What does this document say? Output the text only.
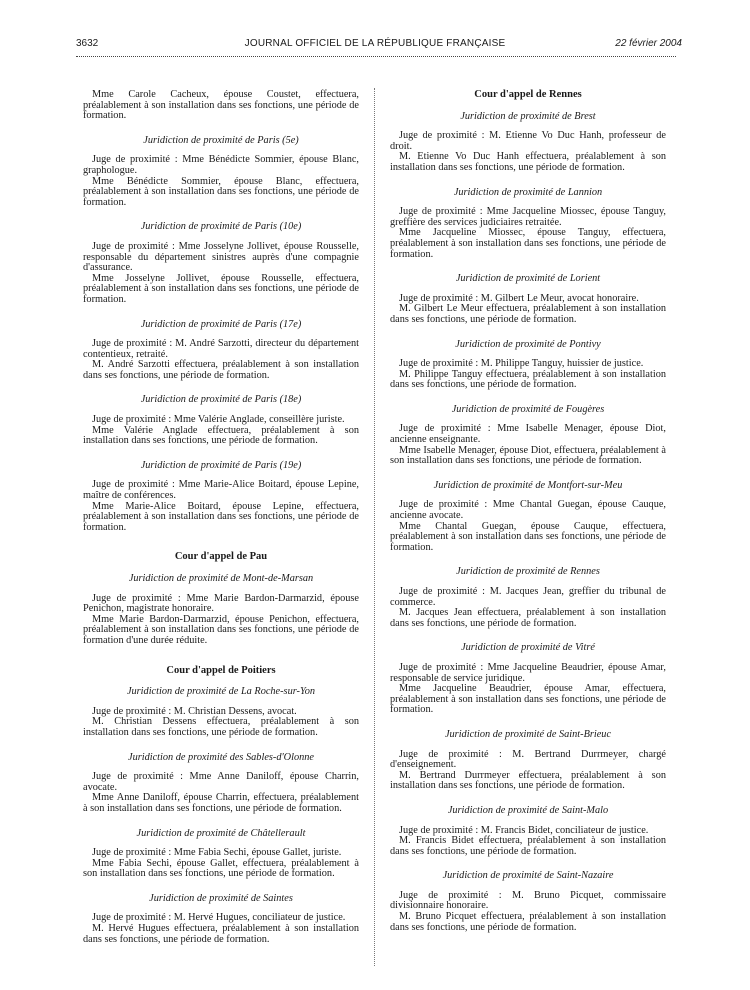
3632	JOURNAL OFFICIEL DE LA RÉPUBLIQUE FRANÇAISE	22 février 2004

Mme Carole Cacheux, épouse Coustet, effectuera, préalablement à son installation dans ses fonctions, une période de formation.

Juridiction de proximité de Paris (5e)

Juge de proximité : Mme Bénédicte Sommier, épouse Blanc, graphologue.

Mme Bénédicte Sommier, épouse Blanc, effectuera, préalablement à son installation dans ses fonctions, une période de formation.

Juridiction de proximité de Paris (10e)

Juge de proximité : Mme Josselyne Jollivet, épouse Rousselle, responsable du département sinistres auprès d'une compagnie d'assurance.

Mme Josselyne Jollivet, épouse Rousselle, effectuera, préalablement à son installation dans ses fonctions, une période de formation.

Juridiction de proximité de Paris (17e)

Juge de proximité : M. André Sarzotti, directeur du département contentieux, retraité.

M. André Sarzotti effectuera, préalablement à son installation dans ses fonctions, une période de formation.

Juridiction de proximité de Paris (18e)

Juge de proximité : Mme Valérie Anglade, conseillère juriste.

Mme Valérie Anglade effectuera, préalablement à son installation dans ses fonctions, une période de formation.

Juridiction de proximité de Paris (19e)

Juge de proximité : Mme Marie-Alice Boitard, épouse Lepine, maître de conférences.

Mme Marie-Alice Boitard, épouse Lepine, effectuera, préalablement à son installation dans ses fonctions, une période de formation.

Cour d'appel de Pau
Juridiction de proximité de Mont-de-Marsan

Juge de proximité : Mme Marie Bardon-Darmarzid, épouse Penichon, magistrate honoraire.

Mme Marie Bardon-Darmarzid, épouse Penichon, effectuera, préalablement à son installation dans ses fonctions, une période de formation d'une durée réduite.

Cour d'appel de Poitiers
Juridiction de proximité de La Roche-sur-Yon

Juge de proximité : M. Christian Dessens, avocat.

M. Christian Dessens effectuera, préalablement à son installation dans ses fonctions, une période de formation.

Juridiction de proximité des Sables-d'Olonne

Juge de proximité : Mme Anne Daniloff, épouse Charrin, avocate.

Mme Anne Daniloff, épouse Charrin, effectuera, préalablement à son installation dans ses fonctions, une période de formation.

Juridiction de proximité de Châtellerault

Juge de proximité : Mme Fabia Sechi, épouse Gallet, juriste.

Mme Fabia Sechi, épouse Gallet, effectuera, préalablement à son installation dans ses fonctions, une période de formation.

Juridiction de proximité de Saintes

Juge de proximité : M. Hervé Hugues, conciliateur de justice.

M. Hervé Hugues effectuera, préalablement à son installation dans ses fonctions, une période de formation.

Cour d'appel de Rennes
Juridiction de proximité de Brest

Juge de proximité : M. Etienne Vo Duc Hanh, professeur de droit.

M. Etienne Vo Duc Hanh effectuera, préalablement à son installation dans ses fonctions, une période de formation.

Juridiction de proximité de Lannion

Juge de proximité : Mme Jacqueline Miossec, épouse Tanguy, greffière des services judiciaires retraitée.

Mme Jacqueline Miossec, épouse Tanguy, effectuera, préalablement à son installation dans ses fonctions, une période de formation.

Juridiction de proximité de Lorient

Juge de proximité : M. Gilbert Le Meur, avocat honoraire.

M. Gilbert Le Meur effectuera, préalablement à son installation dans ses fonctions, une période de formation.

Juridiction de proximité de Pontivy

Juge de proximité : M. Philippe Tanguy, huissier de justice.

M. Philippe Tanguy effectuera, préalablement à son installation dans ses fonctions, une période de formation.

Juridiction de proximité de Fougères

Juge de proximité : Mme Isabelle Menager, épouse Diot, ancienne enseignante.

Mme Isabelle Menager, épouse Diot, effectuera, préalablement à son installation dans ses fonctions, une période de formation.

Juridiction de proximité de Montfort-sur-Meu

Juge de proximité : Mme Chantal Guegan, épouse Cauque, ancienne avocate.

Mme Chantal Guegan, épouse Cauque, effectuera, préalablement à son installation dans ses fonctions, une période de formation.

Juridiction de proximité de Rennes

Juge de proximité : M. Jacques Jean, greffier du tribunal de commerce.

M. Jacques Jean effectuera, préalablement à son installation dans ses fonctions, une période de formation.

Juridiction de proximité de Vitré

Juge de proximité : Mme Jacqueline Beaudrier, épouse Amar, responsable de service juridique.

Mme Jacqueline Beaudrier, épouse Amar, effectuera, préalablement à son installation dans ses fonctions, une période de formation.

Juridiction de proximité de Saint-Brieuc

Juge de proximité : M. Bertrand Durrmeyer, chargé d'enseignement.

M. Bertrand Durrmeyer effectuera, préalablement à son installation dans ses fonctions, une période de formation.

Juridiction de proximité de Saint-Malo

Juge de proximité : M. Francis Bidet, conciliateur de justice.

M. Francis Bidet effectuera, préalablement à son installation dans ses fonctions, une période de formation.

Juridiction de proximité de Saint-Nazaire

Juge de proximité : M. Bruno Picquet, commissaire divisionnaire honoraire.

M. Bruno Picquet effectuera, préalablement à son installation dans ses fonctions, une période de formation.
